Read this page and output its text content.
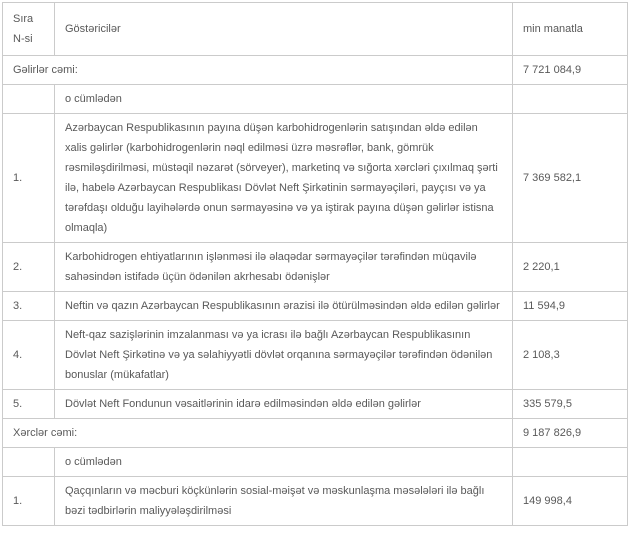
Sıra N-si	Göstəricilər	min manatla
Gəlirlər cəmi:		7 721 084,9
	o cümlədən	
1.	Azərbaycan Respublikasının payına düşən karbohidrogenlərin satışından əldə edilən xalis gəlirlər (karbohidrogenlərin nəql edilməsi üzrə məsrəflər, bank, gömrük rəsmiləşdirilməsi, müstəqil nəzarət (sörveyer), marketinq və sığorta xərcləri çıxılmaq şərti ilə, habelə Azərbaycan Respublikası Dövlət Neft Şirkətinin sərmayəçiləri, payçısı və ya tərəfdaşı olduğu layihələrdə onun sərmayəsinə və ya iştirak payına düşən gəlirlər istisna olmaqla)	7 369 582,1
2.	Karbohidrogen ehtiyatlarının işlənməsi ilə əlaqədar sərmayəçilər tərəfindən müqavilə sahəsindən istifadə üçün ödənilən akrhesabı ödənişlər	2 220,1
3.	Neftin və qazın Azərbaycan Respublikasının ərazisi ilə ötürülməsindən əldə edilən gəlirlər	11 594,9
4.	Neft-qaz sazişlərinin imzalanması və ya icrası ilə bağlı Azərbaycan Respublikasının Dövlət Neft Şirkətinə və ya səlahiyyətli dövlət orqanına sərmayəçilər tərəfindən ödənilən bonuslar (mükafatlar)	2 108,3
5.	Dövlət Neft Fondunun vəsaitlərinin idarə edilməsindən əldə edilən gəlirlər	335 579,5
Xərclər cəmi:		9 187 826,9
	o cümlədən	
1.	Qaçqınların və məcburi köçkünlərin sosial-məişət və məskunlaşma məsələləri ilə bağlı bəzi tədbirlərin maliyyələşdirilməsi	149 998,4
